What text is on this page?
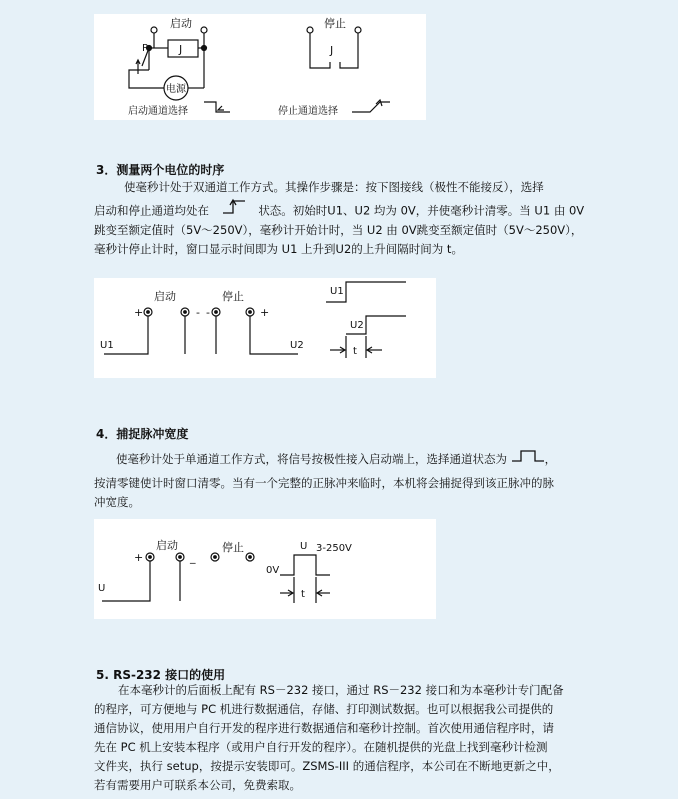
启动
J
P
电源
启动通道选择
停止
J
停止通道选择
3．测量两个电位的时序
使毫秒计处于双通道工作方式。其操作步骤是：按下图接线（极性不能接反），选择
启动和停止通道均处在	状态。初始时U1、U2 均为 0V，并使毫秒计清零。当 U1 由 0V
跳变至额定值时（5V～250V），毫秒计开始计时，当 U2 由 0V跳变至额定值时（5V～250V），
毫秒计停止计时，窗口显示时间即为 U1 上升到U2的上升间隔时间为 t。
启动	停止
+	- -	+
U1	U2
U1
U2
t
4．捕捉脉冲宽度
使毫秒计处于单通道工作方式，将信号按极性接入启动端上，选择通道状态为	，
按清零键使计时窗口清零。当有一个完整的正脉冲来临时，本机将会捕捉得到该正脉冲的脉
冲宽度。
启动	停止
+	_
U
U 3-250V
0V
t
5. RS-232 接口的使用
在本毫秒计的后面板上配有 RS－232 接口，通过 RS－232 接口和为本毫秒计专门配备
的程序，可方便地与 PC 机进行数据通信，存储、打印测试数据。也可以根据我公司提供的
通信协议，使用用户自行开发的程序进行数据通信和毫秒计控制。首次使用通信程序时，请
先在 PC 机上安装本程序（或用户自行开发的程序）。在随机提供的光盘上找到毫秒计检测
文件夹，执行 setup，按提示安装即可。ZSMS-III 的通信程序，本公司在不断地更新之中，
若有需要用户可联系本公司，免费索取。
